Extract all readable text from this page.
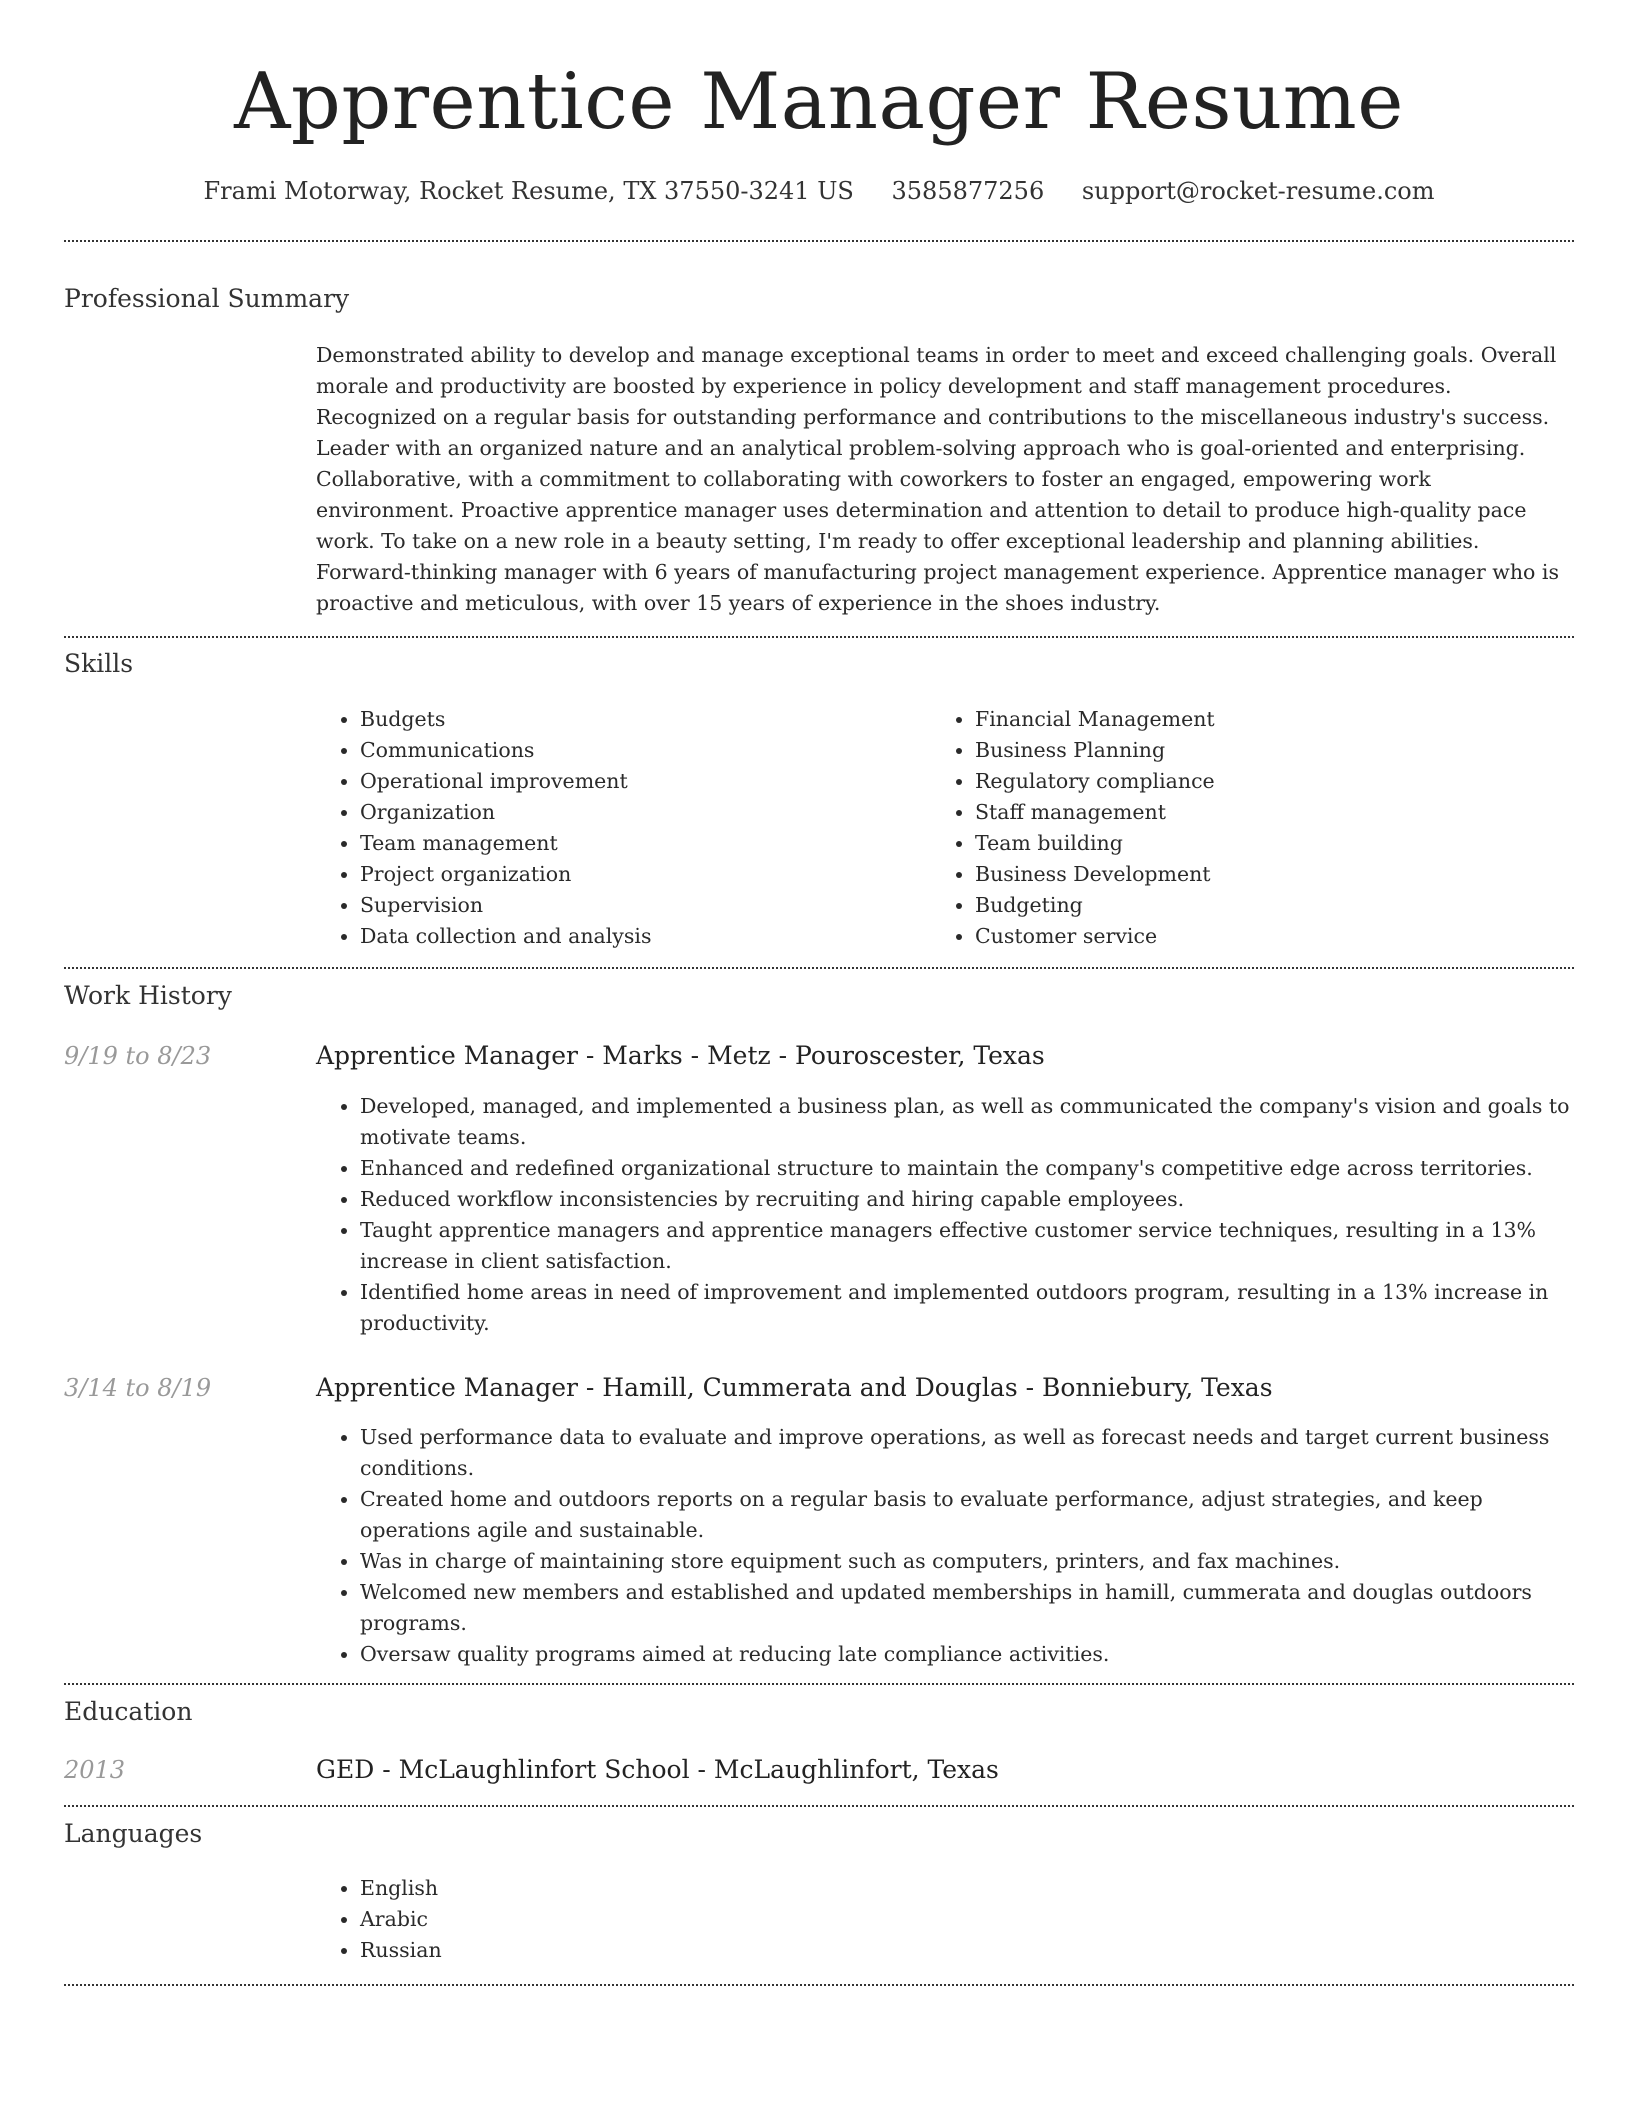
Apprentice Manager Resume
Frami Motorway, Rocket Resume, TX 37550-3241 US 3585877256 support@rocket-resume.com
Professional Summary

Demonstrated ability to develop and manage exceptional teams in order to meet and exceed challenging goals. Overall morale and productivity are boosted by experience in policy development and staff management procedures. Recognized on a regular basis for outstanding performance and contributions to the miscellaneous industry's success. Leader with an organized nature and an analytical problem-solving approach who is goal-oriented and enterprising. Collaborative, with a commitment to collaborating with coworkers to foster an engaged, empowering work environment. Proactive apprentice manager uses determination and attention to detail to produce high-quality pace work. To take on a new role in a beauty setting, I'm ready to offer exceptional leadership and planning abilities. Forward-thinking manager with 6 years of manufacturing project management experience. Apprentice manager who is proactive and meticulous, with over 15 years of experience in the shoes industry.

Skills
• Budgets
• Communications
• Operational improvement
• Organization
• Team management
• Project organization
• Supervision
• Data collection and analysis
• Financial Management
• Business Planning
• Regulatory compliance
• Staff management
• Team building
• Business Development
• Budgeting
• Customer service
Work History
9/19 to 8/23	Apprentice Manager - Marks - Metz - Pouroscester, Texas
• Developed, managed, and implemented a business plan, as well as communicated the company's vision and goals to motivate teams.
• Enhanced and redefined organizational structure to maintain the company's competitive edge across territories.
• Reduced workflow inconsistencies by recruiting and hiring capable employees.
• Taught apprentice managers and apprentice managers effective customer service techniques, resulting in a 13% increase in client satisfaction.
• Identified home areas in need of improvement and implemented outdoors program, resulting in a 13% increase in productivity.
3/14 to 8/19	Apprentice Manager - Hamill, Cummerata and Douglas - Bonniebury, Texas
• Used performance data to evaluate and improve operations, as well as forecast needs and target current business conditions.
• Created home and outdoors reports on a regular basis to evaluate performance, adjust strategies, and keep operations agile and sustainable.
• Was in charge of maintaining store equipment such as computers, printers, and fax machines.
• Welcomed new members and established and updated memberships in hamill, cummerata and douglas outdoors programs.
• Oversaw quality programs aimed at reducing late compliance activities.
Education
2013	GED - McLaughlinfort School - McLaughlinfort, Texas
Languages
• English
• Arabic
• Russian
